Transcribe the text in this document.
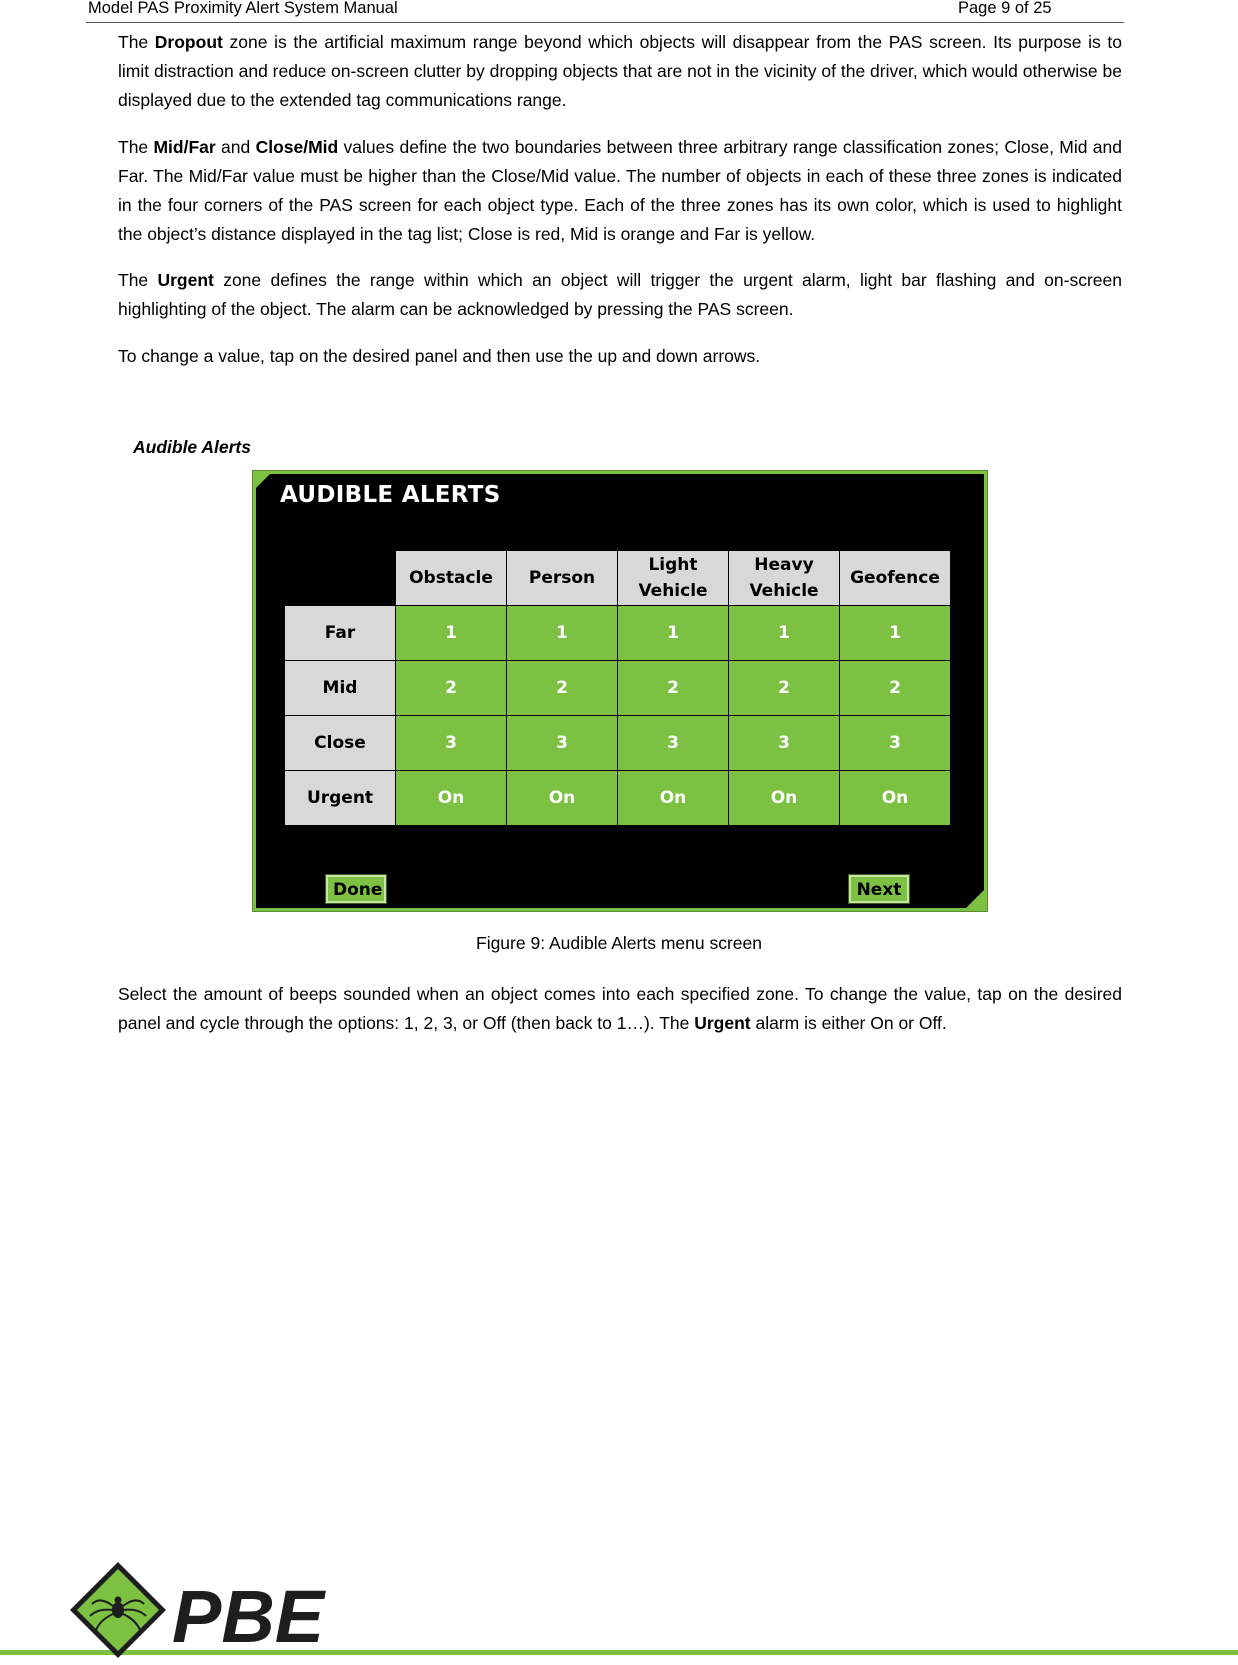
Model PAS Proximity Alert System Manual	Page 9 of 25

The Dropout zone is the artificial maximum range beyond which objects will disappear from the PAS screen. Its purpose is to limit distraction and reduce on-screen clutter by dropping objects that are not in the vicinity of the driver, which would otherwise be displayed due to the extended tag communications range.

The Mid/Far and Close/Mid values define the two boundaries between three arbitrary range classification zones; Close, Mid and Far. The Mid/Far value must be higher than the Close/Mid value. The number of objects in each of these three zones is indicated in the four corners of the PAS screen for each object type. Each of the three zones has its own color, which is used to highlight the object’s distance displayed in the tag list; Close is red, Mid is orange and Far is yellow.

The Urgent zone defines the range within which an object will trigger the urgent alarm, light bar flashing and on-screen highlighting of the object. The alarm can be acknowledged by pressing the PAS screen.

To change a value, tap on the desired panel and then use the up and down arrows.

Audible Alerts
AUDIBLE ALERTS
	Obstacle	Person	Light Vehicle	Heavy Vehicle	Geofence
Far	1	1	1	1	1
Mid	2	2	2	2	2
Close	3	3	3	3	3
Urgent	On	On	On	On	On
Done	Next
Figure 9: Audible Alerts menu screen

Select the amount of beeps sounded when an object comes into each specified zone. To change the value, tap on the desired panel and cycle through the options: 1, 2, 3, or Off (then back to 1…). The Urgent alarm is either On or Off.

PBE
